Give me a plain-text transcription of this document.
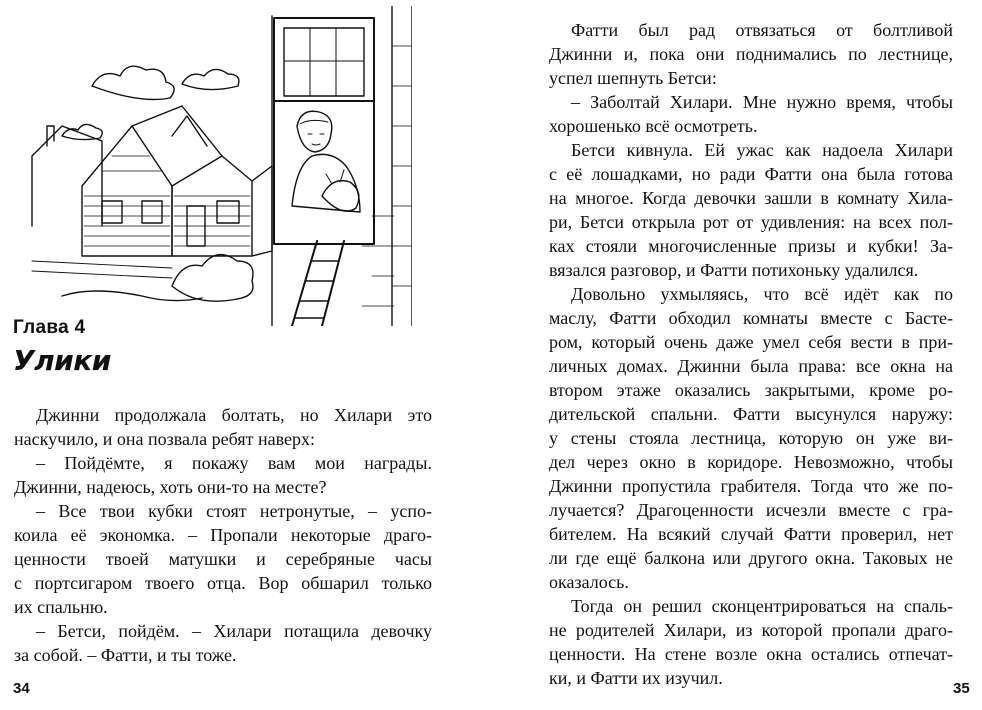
Глава 4
Улики
Джинни продолжала болтать, но Хилари это
наскучило, и она позвала ребят наверх:
– Пойдёмте, я покажу вам мои награды.
Джинни, надеюсь, хоть они-то на месте?
– Все твои кубки стоят нетронутые, – успо-
коила её экономка. – Пропали некоторые драго-
ценности твоей матушки и серебряные часы
с портсигаром твоего отца. Вор обшарил только
их спальню.
– Бетси, пойдём. – Хилари потащила девочку
за собой. – Фатти, и ты тоже.
34
Фатти был рад отвязаться от болтливой
Джинни и, пока они поднимались по лестнице,
успел шепнуть Бетси:
– Заболтай Хилари. Мне нужно время, чтобы
хорошенько всё осмотреть.
Бетси кивнула. Ей ужас как надоела Хилари
с её лошадками, но ради Фатти она была готова
на многое. Когда девочки зашли в комнату Хила-
ри, Бетси открыла рот от удивления: на всех пол-
ках стояли многочисленные призы и кубки! За-
вязался разговор, и Фатти потихоньку удалился.
Довольно ухмыляясь, что всё идёт как по
маслу, Фатти обходил комнаты вместе с Басте-
ром, который очень даже умел себя вести в при-
личных домах. Джинни была права: все окна на
втором этаже оказались закрытыми, кроме ро-
дительской спальни. Фатти высунулся наружу:
у стены стояла лестница, которую он уже ви-
дел через окно в коридоре. Невозможно, чтобы
Джинни пропустила грабителя. Тогда что же по-
лучается? Драгоценности исчезли вместе с гра-
бителем. На всякий случай Фатти проверил, нет
ли где ещё балкона или другого окна. Таковых не
оказалось.
Тогда он решил сконцентрироваться на спаль-
не родителей Хилари, из которой пропали драго-
ценности. На стене возле окна остались отпечат-
ки, и Фатти их изучил.
35
